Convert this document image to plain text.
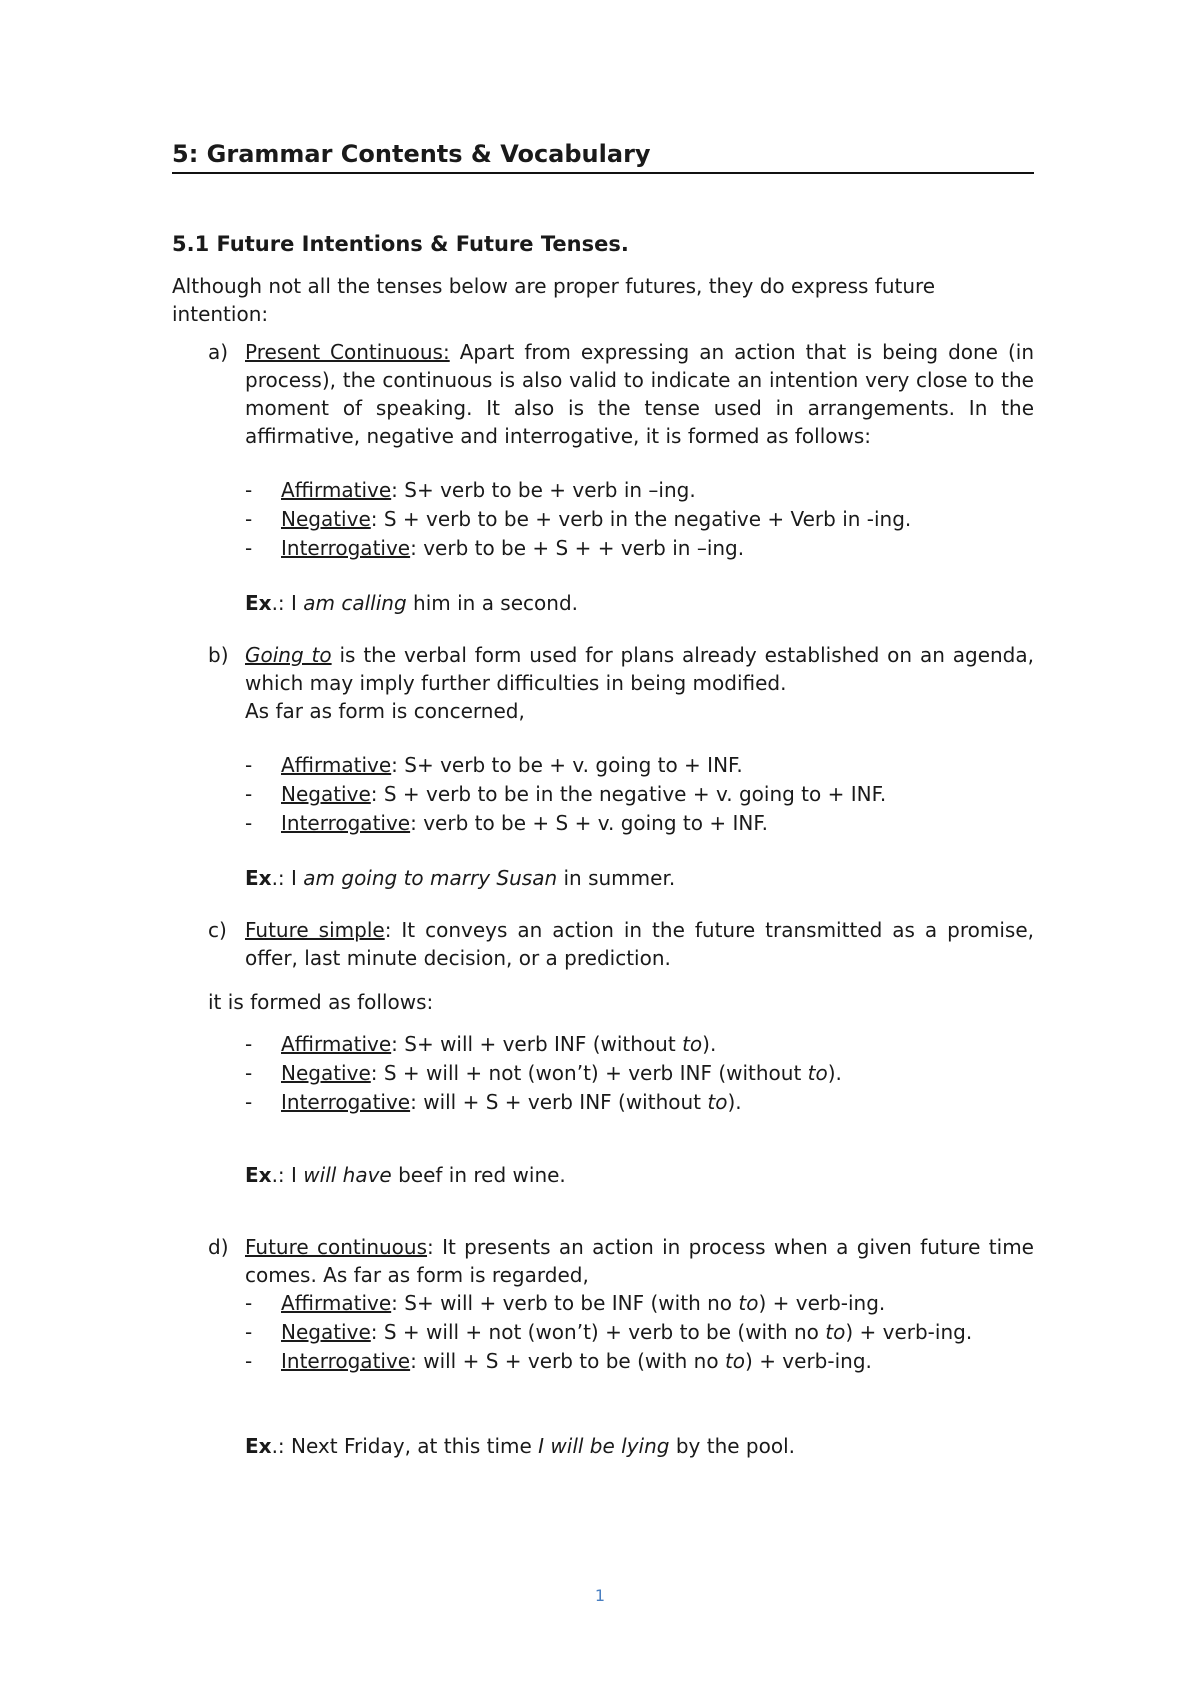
5: Grammar Contents & Vocabulary
5.1 Future Intentions & Future Tenses.

Although not all the tenses below are proper futures, they do express future intention:

a) Present Continuous: Apart from expressing an action that is being done (in process), the continuous is also valid to indicate an intention very close to the moment of speaking. It also is the tense used in arrangements. In the affirmative, negative and interrogative, it is formed as follows:

- Affirmative: S+ verb to be + verb in –ing.
- Negative: S + verb to be + verb in the negative + Verb in -ing.
- Interrogative: verb to be + S + + verb in –ing.

Ex.: I am calling him in a second.

b) Going to is the verbal form used for plans already established on an agenda, which may imply further difficulties in being modified.

As far as form is concerned,

- Affirmative: S+ verb to be + v. going to + INF.
- Negative: S + verb to be in the negative + v. going to + INF.
- Interrogative: verb to be + S + v. going to + INF.

Ex.: I am going to marry Susan in summer.

c) Future simple: It conveys an action in the future transmitted as a promise, offer, last minute decision, or a prediction.

it is formed as follows:

- Affirmative: S+ will + verb INF (without to).
- Negative: S + will + not (won’t) + verb INF (without to).
- Interrogative: will + S + verb INF (without to).

Ex.: I will have beef in red wine.

d) Future continuous: It presents an action in process when a given future time comes. As far as form is regarded,

- Affirmative: S+ will + verb to be INF (with no to) + verb-ing.
- Negative: S + will + not (won’t) + verb to be (with no to) + verb-ing.
- Interrogative: will + S + verb to be (with no to) + verb-ing.

Ex.: Next Friday, at this time I will be lying by the pool.

1
